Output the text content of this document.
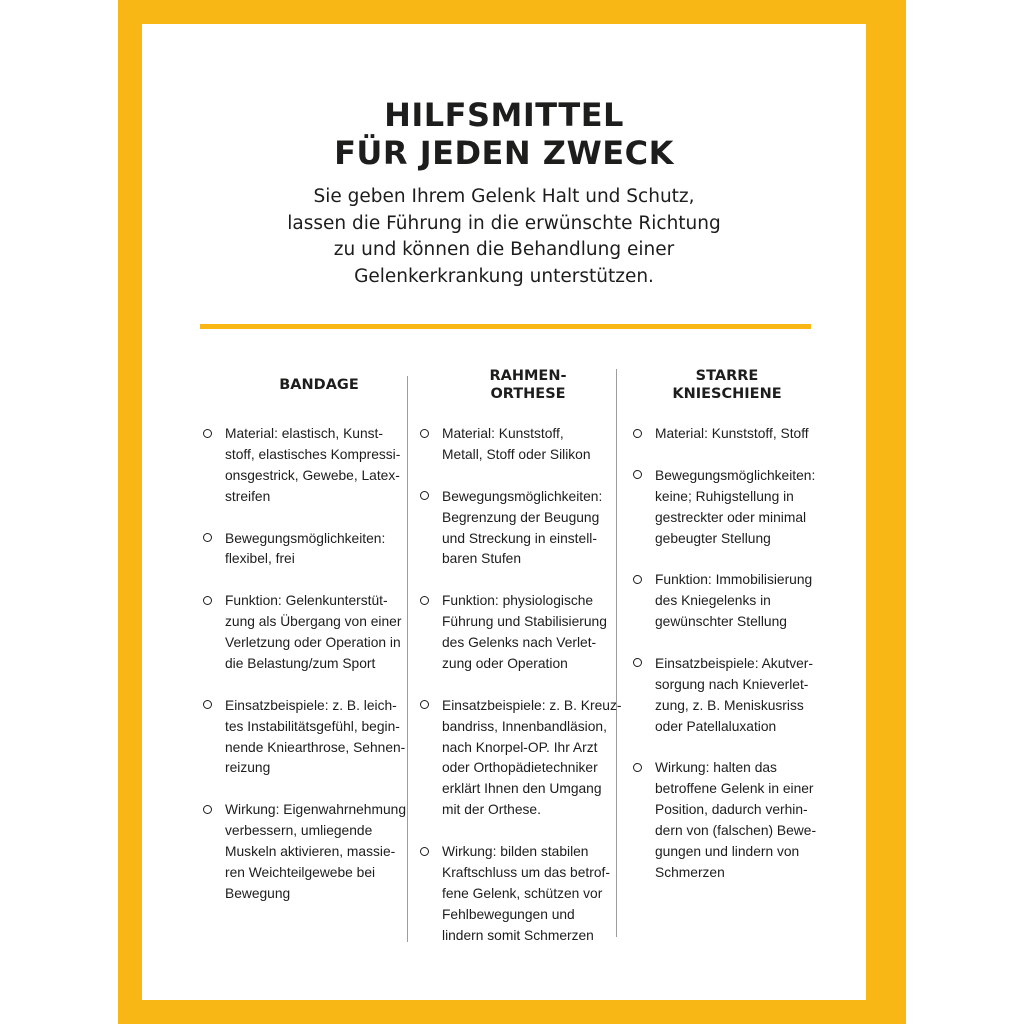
HILFSMITTEL
FÜR JEDEN ZWECK

Sie geben Ihrem Gelenk Halt und Schutz,
lassen die Führung in die erwünschte Richtung
zu und können die Behandlung einer
Gelenkerkrankung unterstützen.

BANDAGE
Material: elastisch, Kunst-
stoff, elastisches Kompressi-
onsgestrick, Gewebe, Latex-
streifen
Bewegungsmöglichkeiten:
flexibel, frei
Funktion: Gelenkunterstüt-
zung als Übergang von einer
Verletzung oder Operation in
die Belastung/zum Sport
Einsatzbeispiele: z. B. leich-
tes Instabilitätsgefühl, begin-
nende Kniearthrose, Sehnen-
reizung
Wirkung: Eigenwahrnehmung
verbessern, umliegende
Muskeln aktivieren, massie-
ren Weichteilgewebe bei
Bewegung
RAHMEN-
ORTHESE
Material: Kunststoff,
Metall, Stoff oder Silikon
Bewegungsmöglichkeiten:
Begrenzung der Beugung
und Streckung in einstell-
baren Stufen
Funktion: physiologische
Führung und Stabilisierung
des Gelenks nach Verlet-
zung oder Operation
Einsatzbeispiele: z. B. Kreuz-
bandriss, Innenbandläsion,
nach Knorpel-OP. Ihr Arzt
oder Orthopädietechniker
erklärt Ihnen den Umgang
mit der Orthese.
Wirkung: bilden stabilen
Kraftschluss um das betrof-
fene Gelenk, schützen vor
Fehlbewegungen und
lindern somit Schmerzen
STARRE
KNIESCHIENE
Material: Kunststoff, Stoff
Bewegungsmöglichkeiten:
keine; Ruhigstellung in
gestreckter oder minimal
gebeugter Stellung
Funktion: Immobilisierung
des Kniegelenks in
gewünschter Stellung
Einsatzbeispiele: Akutver-
sorgung nach Knieverlet-
zung, z. B. Meniskusriss
oder Patellaluxation
Wirkung: halten das
betroffene Gelenk in einer
Position, dadurch verhin-
dern von (falschen) Bewe-
gungen und lindern von
Schmerzen
